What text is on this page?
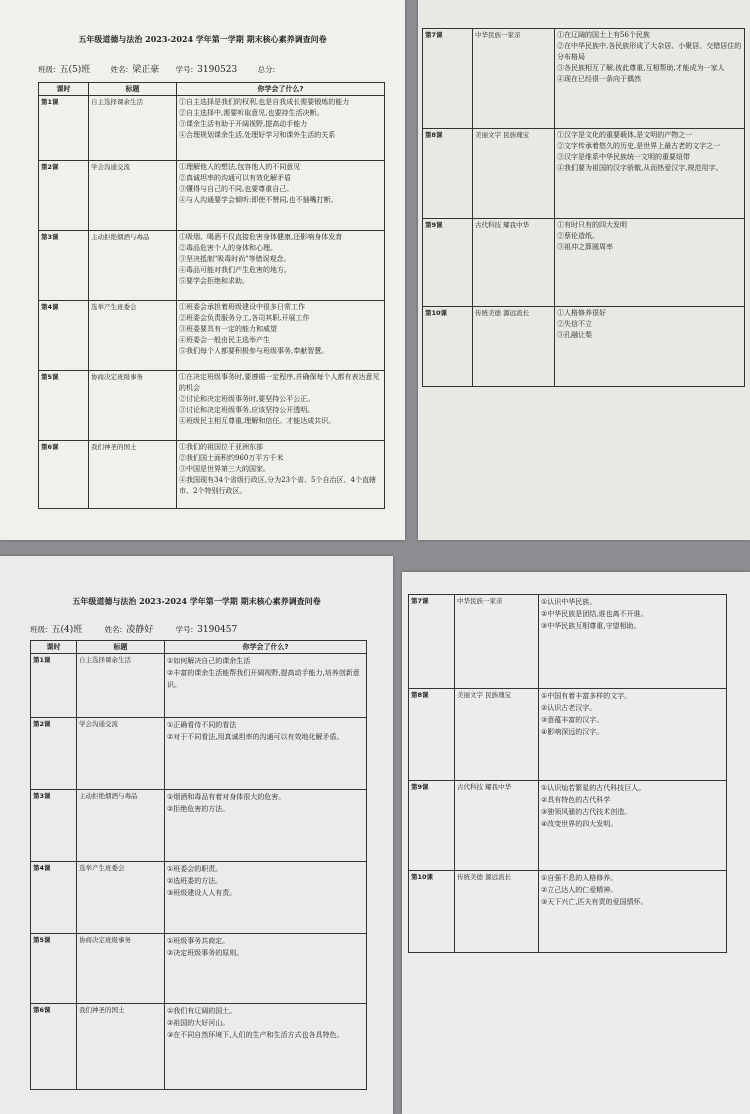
五年级道德与法治 2023-2024 学年第一学期 期末核心素养调查问卷
班级: 五(5)班	姓名: 梁正豪 学号: 3190523	总分:
课时	标题	你学会了什么?
第1课	自主选择课余生活	①自主选择是我们的权利,也是自我成长需要锻炼的能力
②自主选择中,需要听取意见,也要持生活决断。
③课余生活有助于开阔视野,提高动手能力
④合理规划课余生活,处理好学习和课外生活的关系

第2课	学会沟通交流	①理解他人的想法,包容他人的不同意见
②真诚坦率的沟通可以有效化解矛盾
③懂得与自己的不同,也要尊重自己。
④与人沟通要学会倾听:即使不赞同,也不插嘴打断。

第3课	主动拒绝烟酒与毒品	①吸烟、喝酒不仅直接危害身体健康,还影响身体发育
②毒品危害个人的身体和心理。
③坚决抵制"吸毒时尚"等错误观念。
④毒品可能对我们产生危害的地方。
⑤要学会拒绝和求助。

第4课	选举产生班委会	①班委会承担着班级建设中很多日常工作
②班委会负责服务分工,各司其职,开展工作
③班委要具有一定的能力和威望
④班委会一般由民主选举产生
⑤我们每个人都要积极参与班级事务,奉献智慧。

第5课	协商决定班级事务	①在决定班级事务时,要遵循一定程序,并确保每个人都有表达意见的机会
②讨论和决定班级事务时,要坚持公平公正。
③讨论和决定班级事务,应该坚持公开透明。
④班级民主相互尊重,理解和信任。才能达成共识。

第6课	我们神圣的国土	①我们的祖国位于亚洲东部
②我们国土面积约960万平方千米
③中国是世界第三大的国家。
④我国现有34个省级行政区,分为23个省、5个自治区、4个直辖市、2个特别行政区。
第7课	中华民族一家亲	①在辽阔的国土上有56个民族
②在中华民族中,各民族形成了大杂居、小聚居、交错居住的分布格局
③各民族相互了解,彼此尊重,互相帮助,才能成为一家人
④现在已经很一条向于偶然

第8课	美丽文字 民族瑰宝	①汉字是文化的重要载体,是文明的产物之一
②文字传承着悠久的历史,是世界上最古老的文字之一
③汉字是维系中华民族统一文明的重要纽带
④我们要为祖国的汉字骄傲,从而热爱汉字,规范用字。

第9课	古代科技 耀我中华	①有时只有的四大发明
②蔡伦造纸。
③祖冲之算圆周率

第10课	传统美德 源远流长	①人格修养很好
②失信不立
③孔融让梨
五年级道德与法治 2023-2024 学年第一学期 期末核心素养调查问卷
班级: 五(4)班	姓名: 凌静好	学号: 3190457
课时	标题	你学会了什么?
第1课	自主选择课余生活	①如何解决自己的课余生活
②丰富的课余生活能帮我们开阔视野,提高动手能力,培养创新意识。

第2课	学会沟通交流	①正确看待不同的看法
②对于不同看法,用真诚坦率的沟通可以有效地化解矛盾。

第3课	主动拒绝烟酒与毒品	①烟酒和毒品有着对身体很大的危害。
②拒绝危害的方法。

第4课	选举产生班委会	①班委会的职责。
②选班委的方法。
③班级建设人人有责。

第5课	协商决定班级事务	①班级事务共商定。
②决定班级事务的原则。

第6课	我们神圣的国土	①我们有辽阔的国土。
②祖国的大好河山。
③在不同自然环境下,人们的生产和生活方式也各具特色。
第7课	中华民族一家亲	①认识中华民族。
②中华民族是团结,谁也离不开谁。
③中华民族互相尊重,守望相助。

第8课	美丽文字 民族瑰宝	①中国有着丰富多样的文字。
②认识古老汉字。
③意蕴丰富的汉字。
④影响深远的汉字。

第9课	古代科技 耀我中华	①认识灿若繁星的古代科技巨人。
②具有特色的古代科学
③独领风骚的古代技术创造。
④改变世界的四大发明。

第10课	传统美德 源远流长	①自强不息的人格修养。
②立己达人的仁爱精神。
③天下兴亡,匹夫有责的爱国情怀。
